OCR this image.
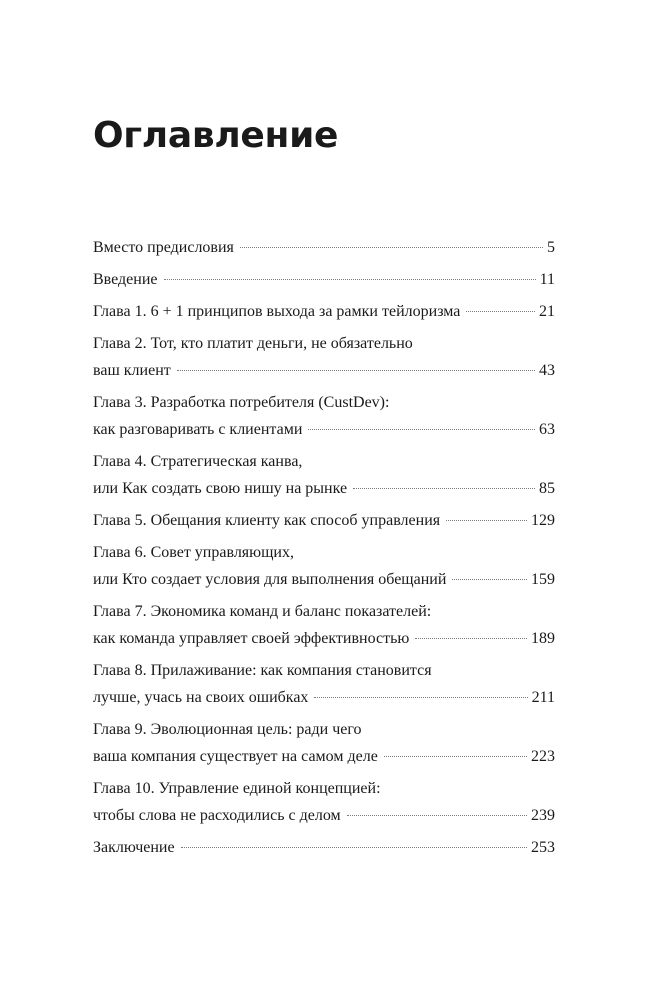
Оглавление
Вместо предисловия	5
Введение	11
Глава 1. 6 + 1 принципов выхода за рамки тейлоризма	21
Глава 2. Тот, кто платит деньги, не обязательно
ваш клиент	43
Глава 3. Разработка потребителя (CustDev):
как разговаривать с клиентами	63
Глава 4. Стратегическая канва,
или Как создать свою нишу на рынке	85
Глава 5. Обещания клиенту как способ управления	129
Глава 6. Совет управляющих,
или Кто создает условия для выполнения обещаний	159
Глава 7. Экономика команд и баланс показателей:
как команда управляет своей эффективностью	189
Глава 8. Прилаживание: как компания становится
лучше, учась на своих ошибках	211
Глава 9. Эволюционная цель: ради чего
ваша компания существует на самом деле	223
Глава 10. Управление единой концепцией:
чтобы слова не расходились с делом	239
Заключение	253
